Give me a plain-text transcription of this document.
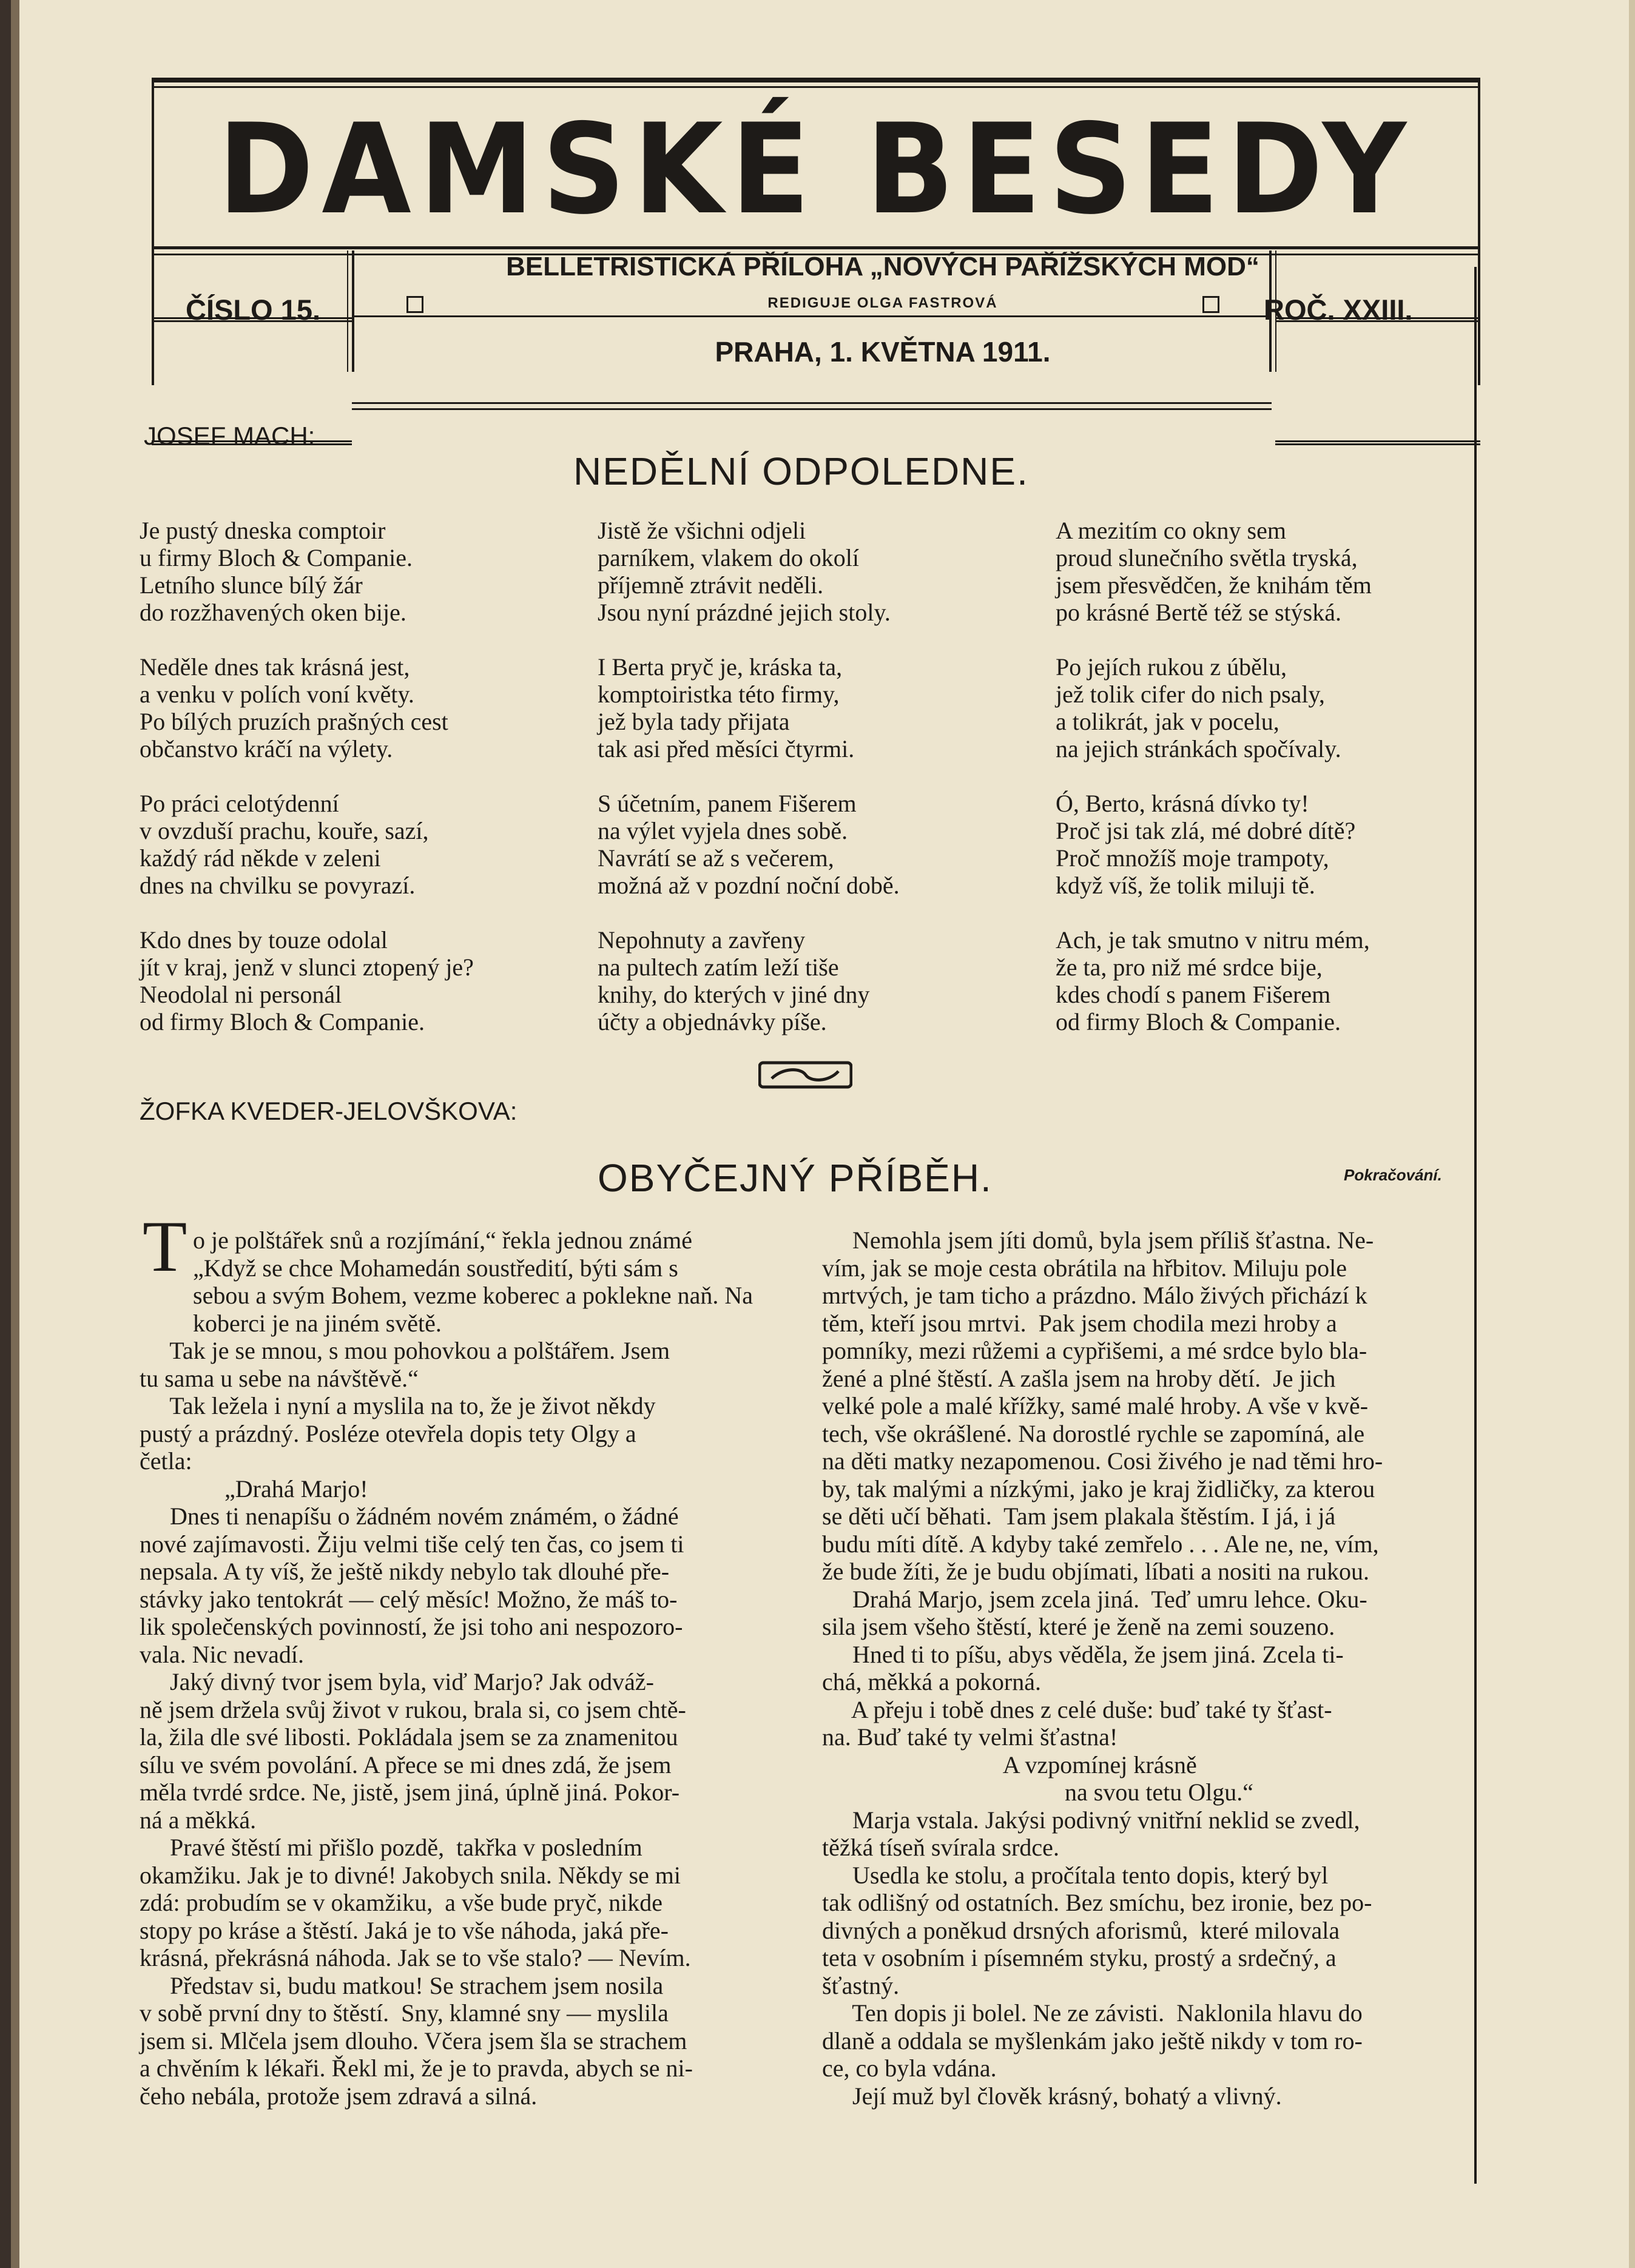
DAMSKÉ BESEDY
ČÍSLO 15.	ROČ. XXIII.
BELLETRISTICKÁ PŘÍLOHA „NOVÝCH PAŘÍŽSKÝCH MOD“
REDIGUJE OLGA FASTROVÁ
PRAHA, 1. KVĚTNA 1911.
JOSEF MACH:
NEDĚLNÍ ODPOLEDNE.
Je pustý dneska comptoir
u firmy Bloch & Companie.
Letního slunce bílý žár
do rozžhavených oken bije.

Neděle dnes tak krásná jest,
a venku v polích voní květy.
Po bílých pruzích prašných cest
občanstvo kráčí na výlety.

Po práci celotýdenní
v ovzduší prachu, kouře, sazí,
každý rád někde v zeleni
dnes na chvilku se povyrazí.

Kdo dnes by touze odolal
jít v kraj, jenž v slunci ztopený je?
Neodolal ni personál
od firmy Bloch & Companie.
Jistě že všichni odjeli
parníkem, vlakem do okolí
příjemně ztrávit neděli.
Jsou nyní prázdné jejich stoly.

I Berta pryč je, kráska ta,
komptoiristka této firmy,
jež byla tady přijata
tak asi před měsíci čtyrmi.

S účetním, panem Fišerem
na výlet vyjela dnes sobě.
Navrátí se až s večerem,
možná až v pozdní noční době.

Nepohnuty a zavřeny
na pultech zatím leží tiše
knihy, do kterých v jiné dny
účty a objednávky píše.
A mezitím co okny sem
proud slunečního světla tryská,
jsem přesvědčen, že knihám těm
po krásné Bertě též se stýská.

Po jejích rukou z úbělu,
jež tolik cifer do nich psaly,
a tolikrát, jak v pocelu,
na jejich stránkách spočívaly.

Ó, Berto, krásná dívko ty!
Proč jsi tak zlá, mé dobré dítě?
Proč množíš moje trampoty,
když víš, že tolik miluji tě.

Ach, je tak smutno v nitru mém,
že ta, pro niž mé srdce bije,
kdes chodí s panem Fišerem
od firmy Bloch & Companie.
ŽOFKA KVEDER-JELOVŠKOVA:
OBYČEJNÝ PŘÍBĚH.	Pokračování.
T o je polštářek snů a rozjímání,“ řekla jednou známé
„Když se chce Mohamedán soustředití, býti sám s
sebou a svým Bohem, vezme koberec a poklekne naň. Na
koberci je na jiném světě.
Tak je se mnou, s mou pohovkou a polštářem. Jsem
tu sama u sebe na návštěvě.“
Tak ležela i nyní a myslila na to, že je život někdy
pustý a prázdný. Posléze otevřela dopis tety Olgy a
četla:
„Drahá Marjo!
Dnes ti nenapíšu o žádném novém známém, o žádné
nové zajímavosti. Žiju velmi tiše celý ten čas, co jsem ti
nepsala. A ty víš, že ještě nikdy nebylo tak dlouhé pře-
stávky jako tentokrát — celý měsíc! Možno, že máš to-
lik společenských povinností, že jsi toho ani nespozoro-
vala. Nic nevadí.
Jaký divný tvor jsem byla, viď Marjo? Jak odváž-
ně jsem držela svůj život v rukou, brala si, co jsem chtě-
la, žila dle své libosti. Pokládala jsem se za znamenitou
sílu ve svém povolání. A přece se mi dnes zdá, že jsem
měla tvrdé srdce. Ne, jistě, jsem jiná, úplně jiná. Pokor-
ná a měkká.
Pravé štěstí mi přišlo pozdě,  takřka v posledním
okamžiku. Jak je to divné! Jakobych snila. Někdy se mi
zdá: probudím se v okamžiku,  a vše bude pryč, nikde
stopy po kráse a štěstí. Jaká je to vše náhoda, jaká pře-
krásná, překrásná náhoda. Jak se to vše stalo? — Nevím.
Představ si, budu matkou! Se strachem jsem nosila
v sobě první dny to štěstí.  Sny, klamné sny — myslila
jsem si. Mlčela jsem dlouho. Včera jsem šla se strachem
a chvěním k lékaři. Řekl mi, že je to pravda, abych se ni-
čeho nebála, protože jsem zdravá a silná.
Nemohla jsem jíti domů, byla jsem příliš šťastna. Ne-
vím, jak se moje cesta obrátila na hřbitov. Miluju pole
mrtvých, je tam ticho a prázdno. Málo živých přichází k
těm, kteří jsou mrtvi.  Pak jsem chodila mezi hroby a
pomníky, mezi růžemi a cypřišemi, a mé srdce bylo bla-
žené a plné štěstí. A zašla jsem na hroby dětí.  Je jich
velké pole a malé křížky, samé malé hroby. A vše v kvě-
tech, vše okrášlené. Na dorostlé rychle se zapomíná, ale
na děti matky nezapomenou. Cosi živého je nad těmi hro-
by, tak malými a nízkými, jako je kraj židličky, za kterou
se děti učí běhati.  Tam jsem plakala štěstím. I já, i já
budu míti dítě. A kdyby také zemřelo . . . Ale ne, ne, vím,
že bude žíti, že je budu objímati, líbati a nositi na rukou.
Drahá Marjo, jsem zcela jiná.  Teď umru lehce. Oku-
sila jsem všeho štěstí, které je ženě na zemi souzeno.
Hned ti to píšu, abys věděla, že jsem jiná. Zcela ti-
chá, měkká a pokorná.
A přeju i tobě dnes z celé duše: buď také ty šťast-
na. Buď také ty velmi šťastna!
A vzpomínej krásně
na svou tetu Olgu.“
Marja vstala. Jakýsi podivný vnitřní neklid se zvedl,
těžká tíseň svírala srdce.
Usedla ke stolu, a pročítala tento dopis, který byl
tak odlišný od ostatních. Bez smíchu, bez ironie, bez po-
divných a poněkud drsných aforismů,  které milovala
teta v osobním i písemném styku, prostý a srdečný, a
šťastný.
Ten dopis ji bolel. Ne ze závisti.  Naklonila hlavu do
dlaně a oddala se myšlenkám jako ještě nikdy v tom ro-
ce, co byla vdána.
Její muž byl člověk krásný, bohatý a vlivný.
